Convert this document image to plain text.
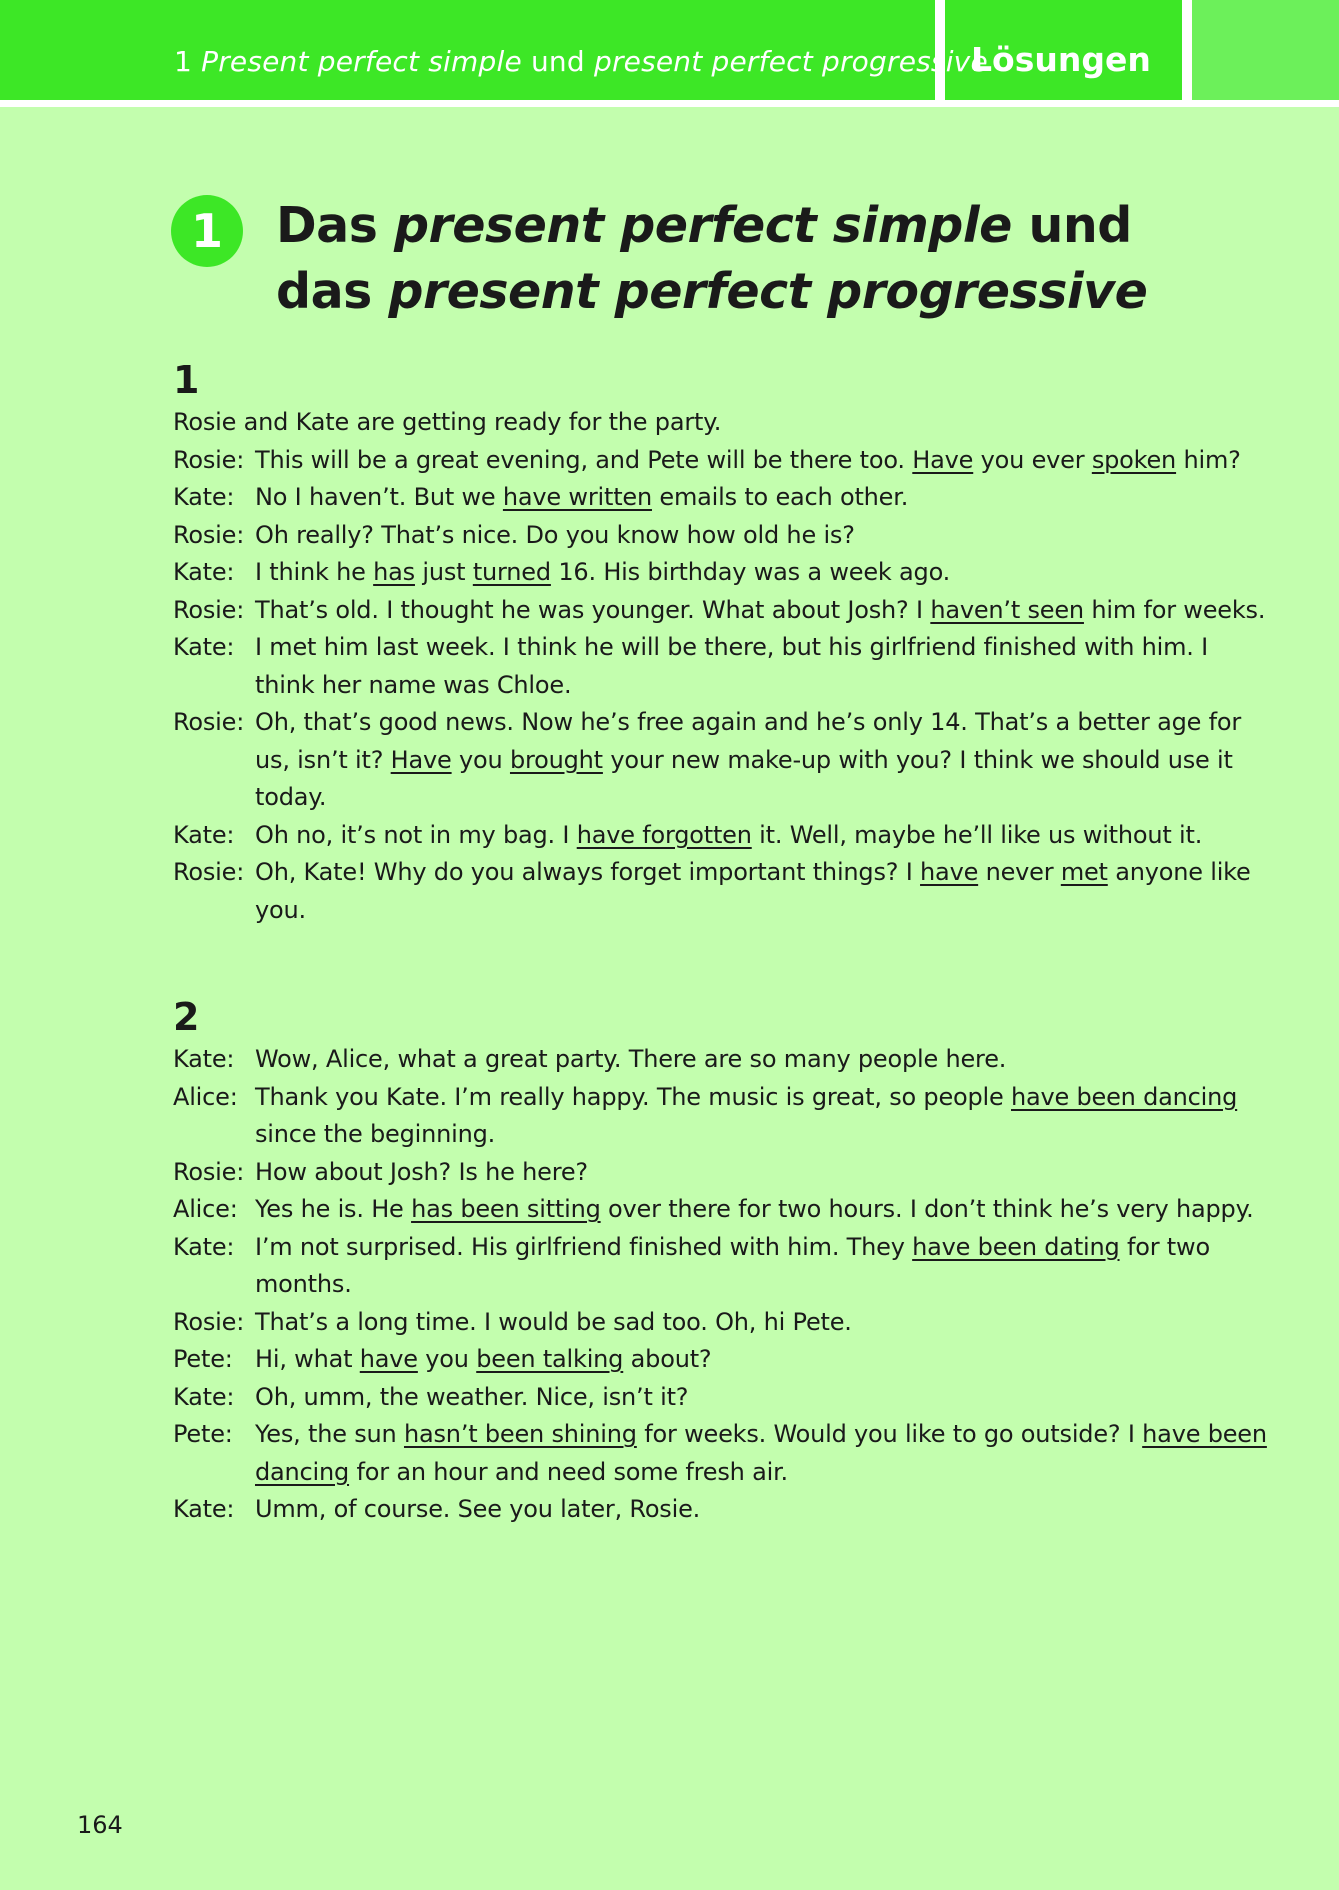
1 Present perfect simple und present perfect progressive
Lösungen
1	Das present perfect simple und
das present perfect progressive
1
Rosie and Kate are getting ready for the party.
Rosie: This will be a great evening, and Pete will be there too. Have you ever spoken him?
Kate: No I haven’t. But we have written emails to each other.
Rosie: Oh really? That’s nice. Do you know how old he is?
Kate: I think he has just turned 16. His birthday was a week ago.
Rosie: That’s old. I thought he was younger. What about Josh? I haven’t seen him for weeks.
Kate: I met him last week. I think he will be there, but his girlfriend finished with him. I think her name was Chloe.
Rosie: Oh, that’s good news. Now he’s free again and he’s only 14. That’s a better age for us, isn’t it? Have you brought your new make-up with you? I think we should use it today.
Kate: Oh no, it’s not in my bag. I have forgotten it. Well, maybe he’ll like us without it.
Rosie: Oh, Kate! Why do you always forget important things? I have never met anyone like you.
2
Kate: Wow, Alice, what a great party. There are so many people here.
Alice: Thank you Kate. I’m really happy. The music is great, so people have been dancing since the beginning.
Rosie: How about Josh? Is he here?
Alice: Yes he is. He has been sitting over there for two hours. I don’t think he’s very happy.
Kate: I’m not surprised. His girlfriend finished with him. They have been dating for two months.
Rosie: That’s a long time. I would be sad too. Oh, hi Pete.
Pete: Hi, what have you been talking about?
Kate: Oh, umm, the weather. Nice, isn’t it?
Pete: Yes, the sun hasn’t been shining for weeks. Would you like to go outside? I have been dancing for an hour and need some fresh air.
Kate: Umm, of course. See you later, Rosie.
164
